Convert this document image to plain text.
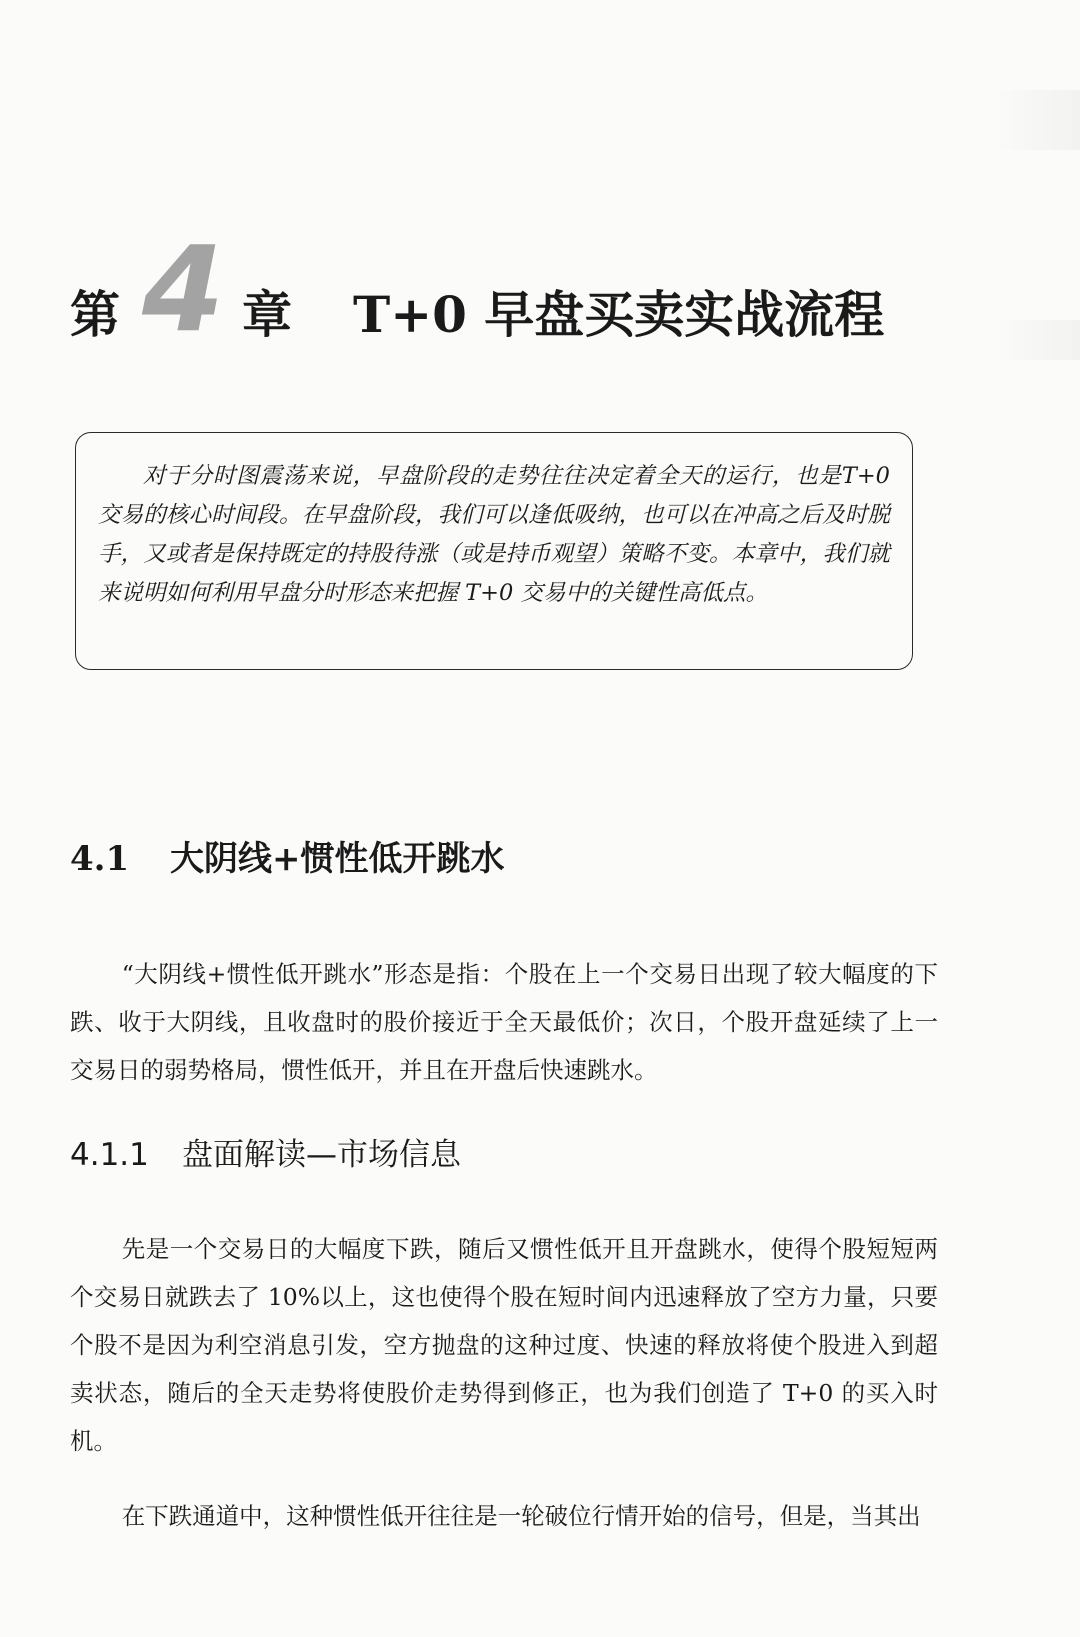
第 4 章 T+0 早盘买卖实战流程

对于分时图震荡来说，早盘阶段的走势往往决定着全天的运行，也是T+0 交易的核心时间段。在早盘阶段，我们可以逢低吸纳，也可以在冲高之后及时脱手，又或者是保持既定的持股待涨（或是持币观望）策略不变。本章中，我们就来说明如何利用早盘分时形态来把握 T+0 交易中的关键性高低点。

4.1 大阴线+惯性低开跳水

“大阴线+惯性低开跳水”形态是指：个股在上一个交易日出现了较大幅度的下跌、收于大阴线，且收盘时的股价接近于全天最低价；次日，个股开盘延续了上一交易日的弱势格局，惯性低开，并且在开盘后快速跳水。

4.1.1 盘面解读—市场信息

先是一个交易日的大幅度下跌，随后又惯性低开且开盘跳水，使得个股短短两个交易日就跌去了 10%以上，这也使得个股在短时间内迅速释放了空方力量，只要个股不是因为利空消息引发，空方抛盘的这种过度、快速的释放将使个股进入到超卖状态，随后的全天走势将使股价走势得到修正，也为我们创造了 T+0 的买入时机。

在下跌通道中，这种惯性低开往往是一轮破位行情开始的信号，但是，当其出
